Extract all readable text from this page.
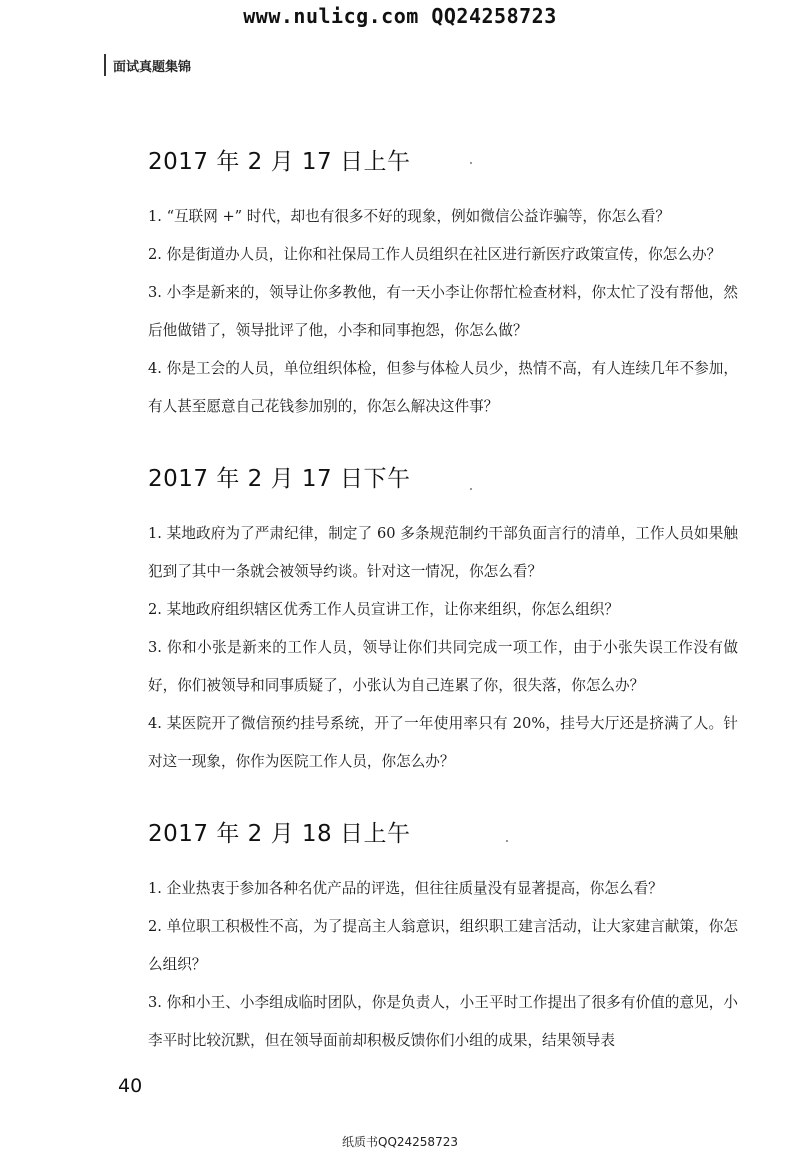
www.nulicg.com QQ24258723
面试真题集锦
2017 年 2 月 17 日上午

1. “互联网 +” 时代，却也有很多不好的现象，例如微信公益诈骗等，你怎么看？

2. 你是街道办人员，让你和社保局工作人员组织在社区进行新医疗政策宣传，你怎么办？

3. 小李是新来的，领导让你多教他，有一天小李让你帮忙检查材料，你太忙了没有帮他，然后他做错了，领导批评了他，小李和同事抱怨，你怎么做？

4. 你是工会的人员，单位组织体检，但参与体检人员少，热情不高，有人连续几年不参加，有人甚至愿意自己花钱参加别的，你怎么解决这件事？

2017 年 2 月 17 日下午

1. 某地政府为了严肃纪律，制定了 60 多条规范制约干部负面言行的清单，工作人员如果触犯到了其中一条就会被领导约谈。针对这一情况，你怎么看？

2. 某地政府组织辖区优秀工作人员宣讲工作，让你来组织，你怎么组织？

3. 你和小张是新来的工作人员，领导让你们共同完成一项工作，由于小张失误工作没有做好，你们被领导和同事质疑了，小张认为自己连累了你，很失落，你怎么办？

4. 某医院开了微信预约挂号系统，开了一年使用率只有 20%，挂号大厅还是挤满了人。针对这一现象，你作为医院工作人员，你怎么办？

2017 年 2 月 18 日上午

1. 企业热衷于参加各种名优产品的评选，但往往质量没有显著提高，你怎么看？

2. 单位职工积极性不高，为了提高主人翁意识，组织职工建言活动，让大家建言献策，你怎么组织？

3. 你和小王、小李组成临时团队，你是负责人，小王平时工作提出了很多有价值的意见，小李平时比较沉默，但在领导面前却积极反馈你们小组的成果，结果领导表

40
纸质书QQ24258723
